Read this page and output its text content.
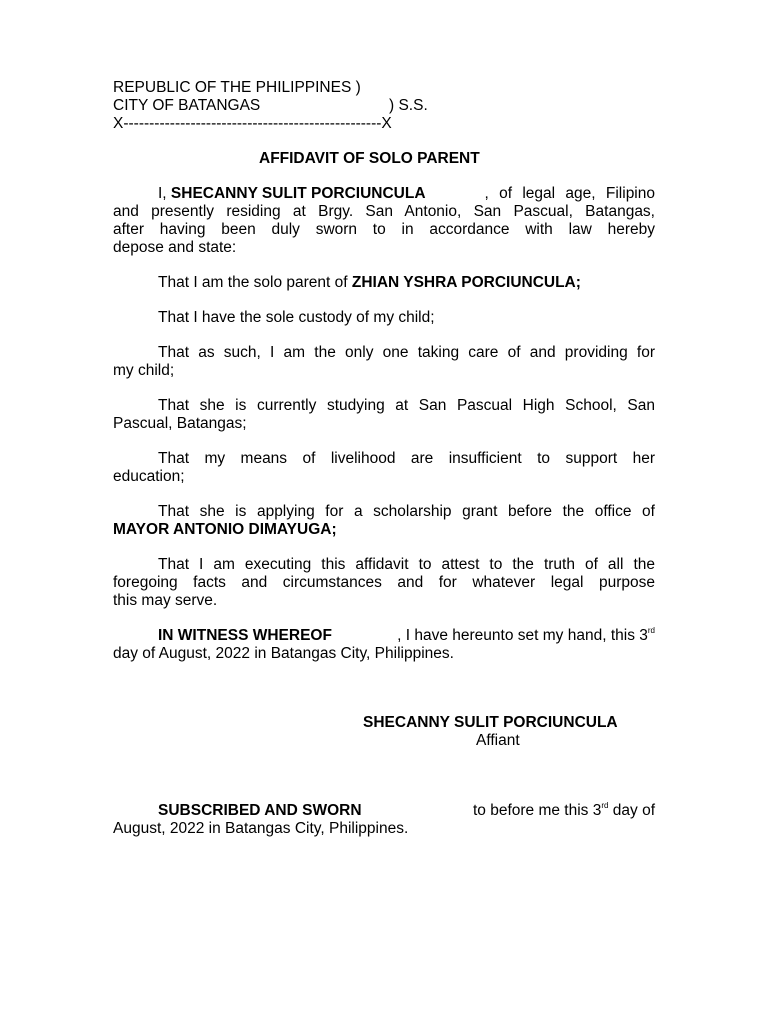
REPUBLIC OF THE PHILIPPINES )
CITY OF BATANGAS	) S.S.
X--------------------------------------------------X
AFFIDAVIT OF SOLO PARENT
I, SHECANNY SULIT PORCIUNCULA	, of legal age, Filipino
and presently residing at Brgy. San Antonio, San Pascual, Batangas,
after having been duly sworn to in accordance with law hereby
depose and state:
That I am the solo parent of ZHIAN YSHRA PORCIUNCULA;
That I have the sole custody of my child;
That as such, I am the only one taking care of and providing for
my child;
That she is currently studying at San Pascual High School, San
Pascual, Batangas;
That my means of livelihood are insufficient to support her
education;
That she is applying for a scholarship grant before the office of
MAYOR ANTONIO DIMAYUGA;
That I am executing this affidavit to attest to the truth of all the
foregoing facts and circumstances and for whatever legal purpose
this may serve.
IN WITNESS WHEREOF	, I have hereunto set my hand, this 3rd
day of August, 2022 in Batangas City, Philippines.
SHECANNY SULIT PORCIUNCULA
Affiant
SUBSCRIBED AND SWORN	to before me this 3rd day of
August, 2022 in Batangas City, Philippines.
